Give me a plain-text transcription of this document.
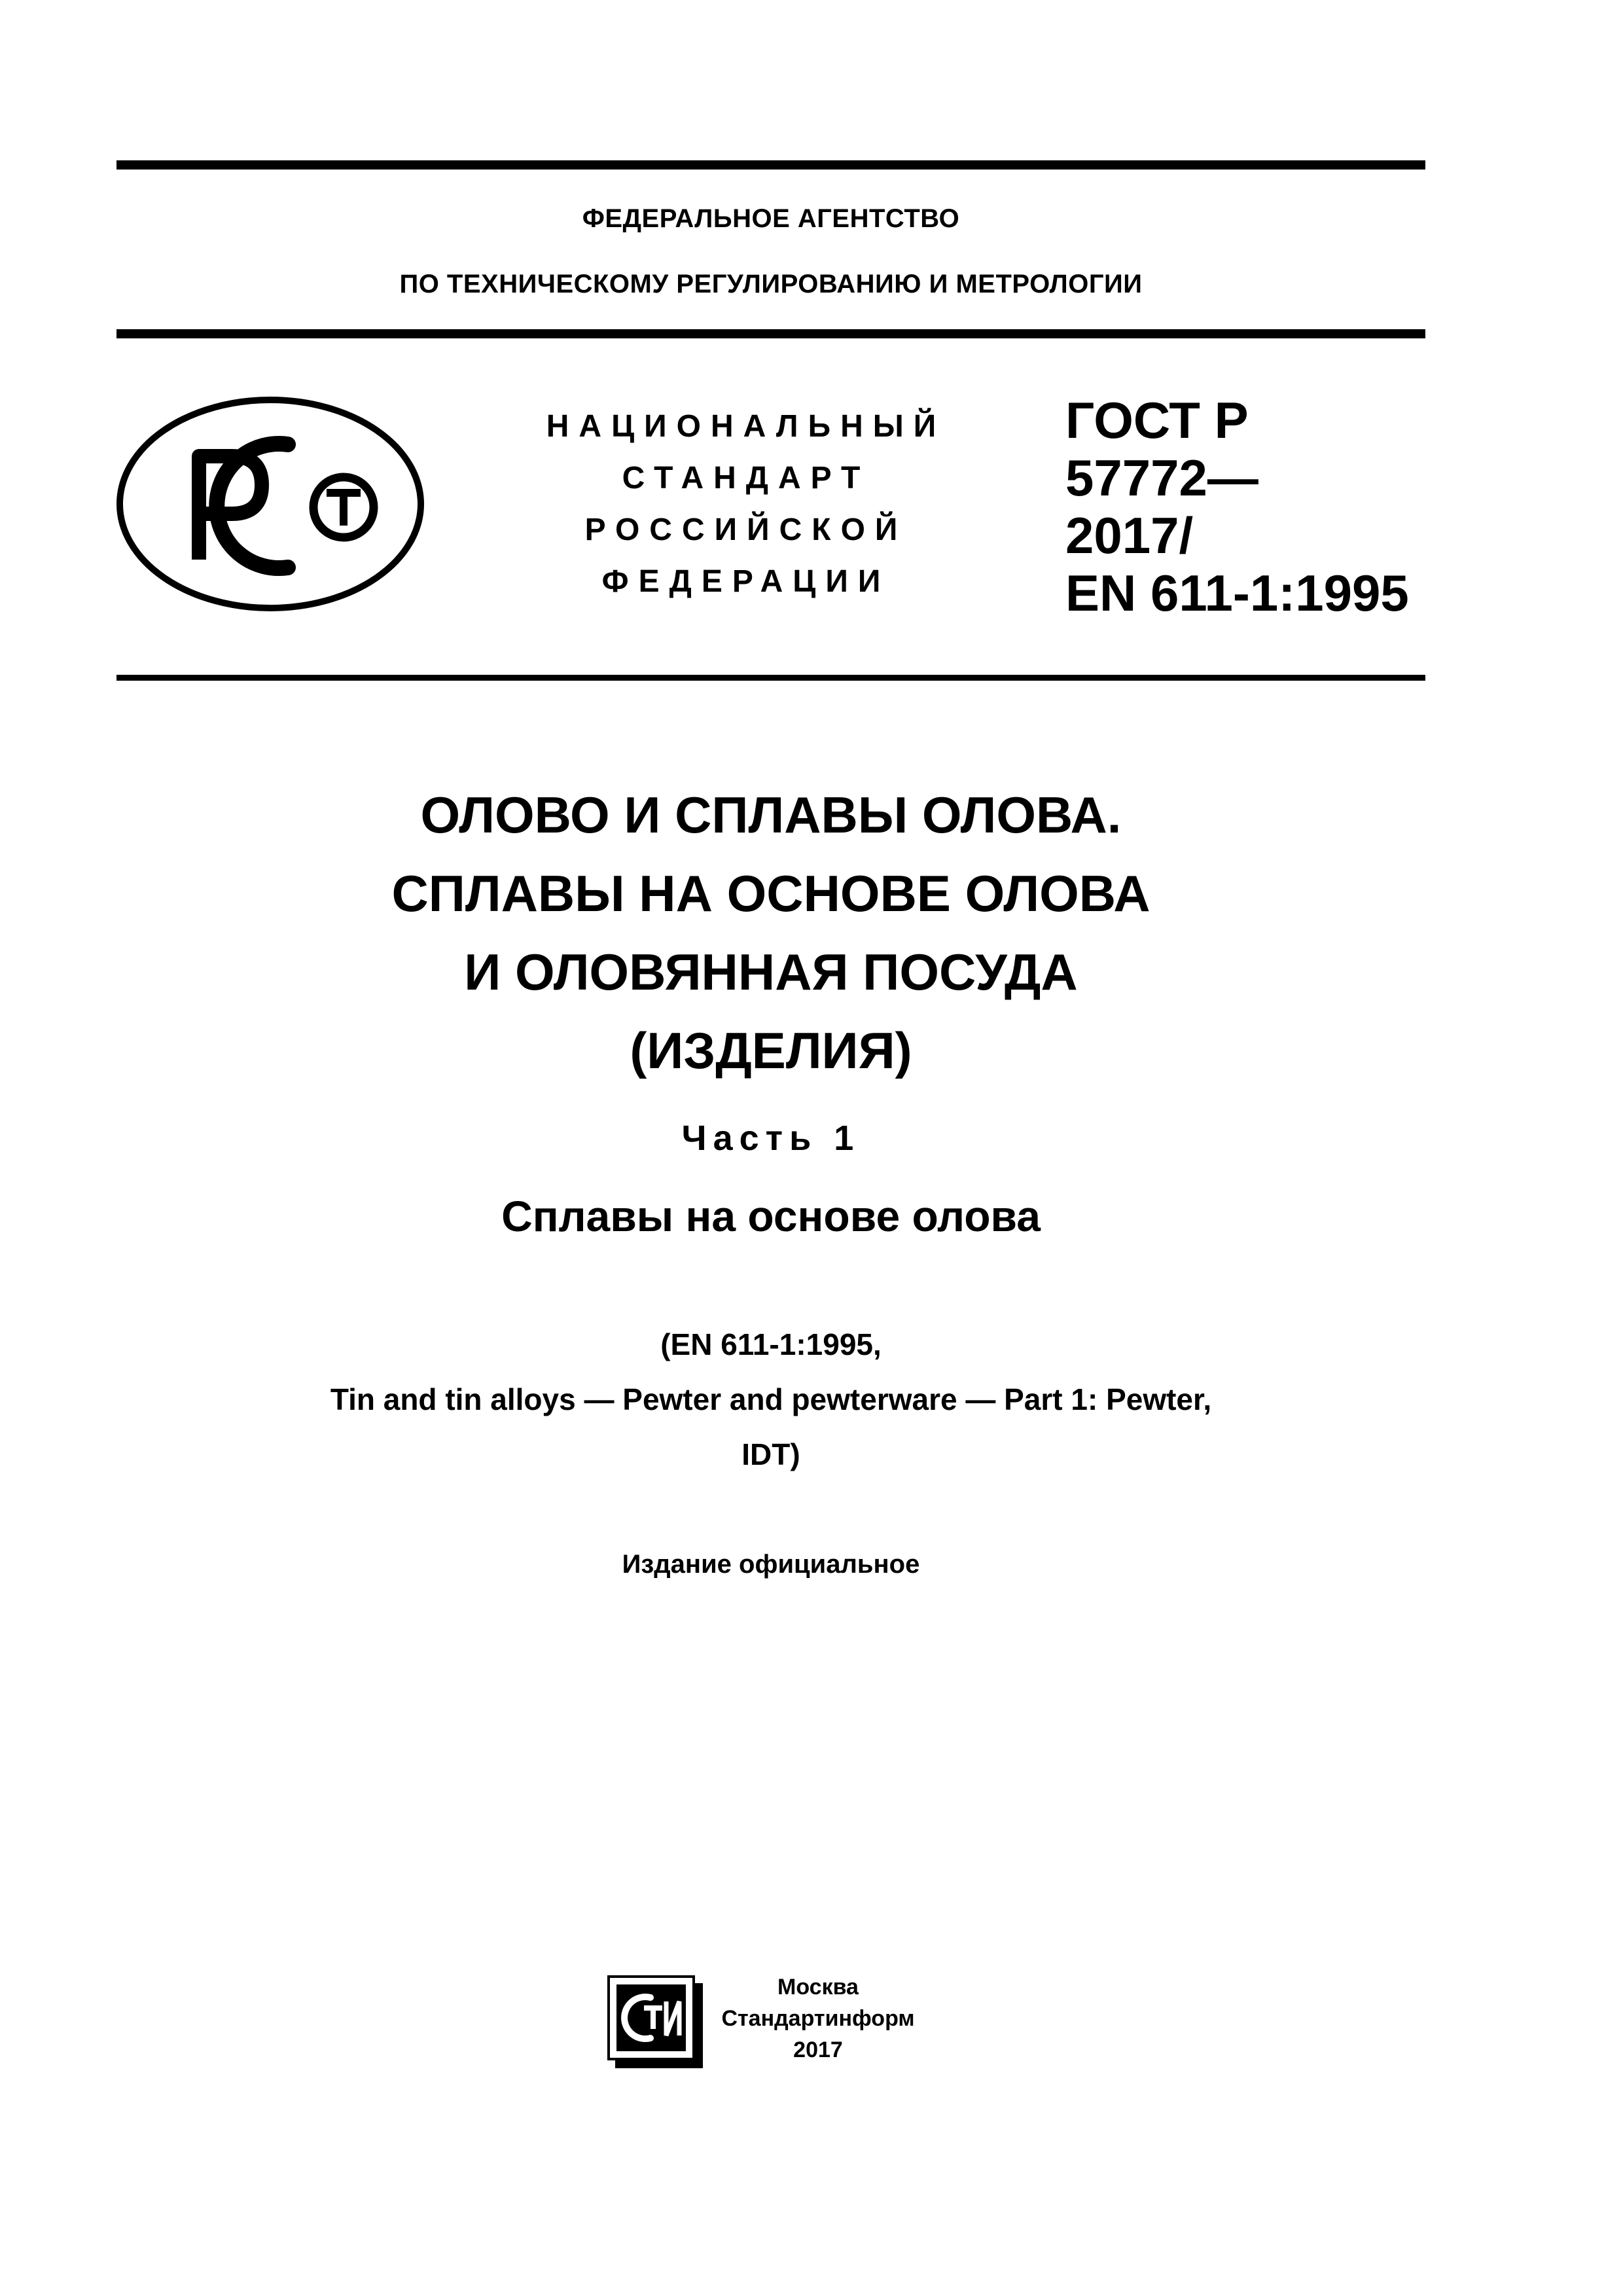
ФЕДЕРАЛЬНОЕ АГЕНТСТВО
ПО ТЕХНИЧЕСКОМУ РЕГУЛИРОВАНИЮ И МЕТРОЛОГИИ
НАЦИОНАЛЬНЫЙ
СТАНДАРТ
РОССИЙСКОЙ
ФЕДЕРАЦИИ
ГОСТ Р
57772—
2017/
EN 611-1:1995
ОЛОВО И СПЛАВЫ ОЛОВА.
СПЛАВЫ НА ОСНОВЕ ОЛОВА
И ОЛОВЯННАЯ ПОСУДА
(ИЗДЕЛИЯ)
Часть 1
Сплавы на основе олова
(EN 611-1:1995,
Tin and tin alloys — Pewter and pewterware — Part 1: Pewter,
IDT)
Издание официальное
Москва
Стандартинформ
2017
